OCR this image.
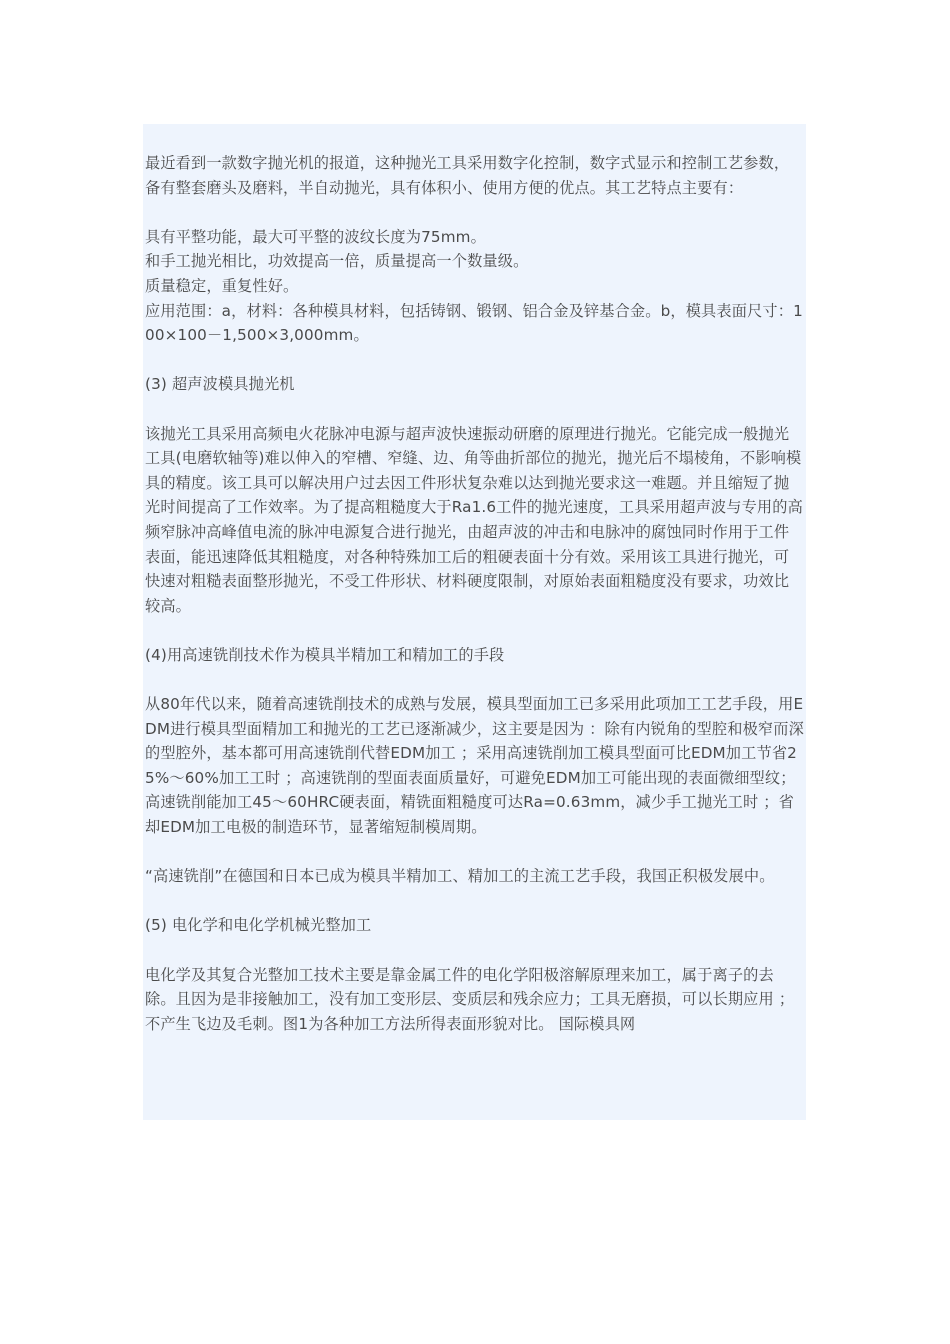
最近看到一款数字抛光机的报道，这种抛光工具采用数字化控制，数字式显示和控制工艺参数，备有整套磨头及磨料，半自动抛光，具有体积小、使用方便的优点。其工艺特点主要有：

具有平整功能，最大可平整的波纹长度为75mm。
和手工抛光相比，功效提高一倍，质量提高一个数量级。
质量稳定，重复性好。
应用范围：a，材料：各种模具材料，包括铸钢、锻钢、铝合金及锌基合金。b，模具表面尺寸：100×100－1,500×3,000mm。

(3) 超声波模具抛光机

该抛光工具采用高频电火花脉冲电源与超声波快速振动研磨的原理进行抛光。它能完成一般抛光工具(电磨软轴等)难以伸入的窄槽、窄缝、边、角等曲折部位的抛光，抛光后不塌棱角，不影响模具的精度。该工具可以解决用户过去因工件形状复杂难以达到抛光要求这一难题。并且缩短了抛光时间提高了工作效率。为了提高粗糙度大于Ra1.6工件的抛光速度，工具采用超声波与专用的高频窄脉冲高峰值电流的脉冲电源复合进行抛光，由超声波的冲击和电脉冲的腐蚀同时作用于工件表面，能迅速降低其粗糙度，对各种特殊加工后的粗硬表面十分有效。采用该工具进行抛光，可快速对粗糙表面整形抛光，不受工件形状、材料硬度限制，对原始表面粗糙度没有要求，功效比较高。

(4)用高速铣削技术作为模具半精加工和精加工的手段

从80年代以来，随着高速铣削技术的成熟与发展，模具型面加工已多采用此项加工工艺手段，用EDM进行模具型面精加工和抛光的工艺已逐渐减少，这主要是因为 ：除有内锐角的型腔和极窄而深的型腔外，基本都可用高速铣削代替EDM加工 ；采用高速铣削加工模具型面可比EDM加工节省25%～60%加工工时 ；高速铣削的型面表面质量好，可避免EDM加工可能出现的表面微细型纹；高速铣削能加工45～60HRC硬表面，精铣面粗糙度可达Ra=0.63mm，减少手工抛光工时 ；省却EDM加工电极的制造环节，显著缩短制模周期。

“高速铣削”在德国和日本已成为模具半精加工、精加工的主流工艺手段，我国正积极发展中。

(5) 电化学和电化学机械光整加工

电化学及其复合光整加工技术主要是靠金属工件的电化学阳极溶解原理来加工，属于离子的去除。且因为是非接触加工，没有加工变形层、变质层和残余应力；工具无磨损，可以长期应用 ；不产生飞边及毛刺。图1为各种加工方法所得表面形貌对比。 国际模具网
